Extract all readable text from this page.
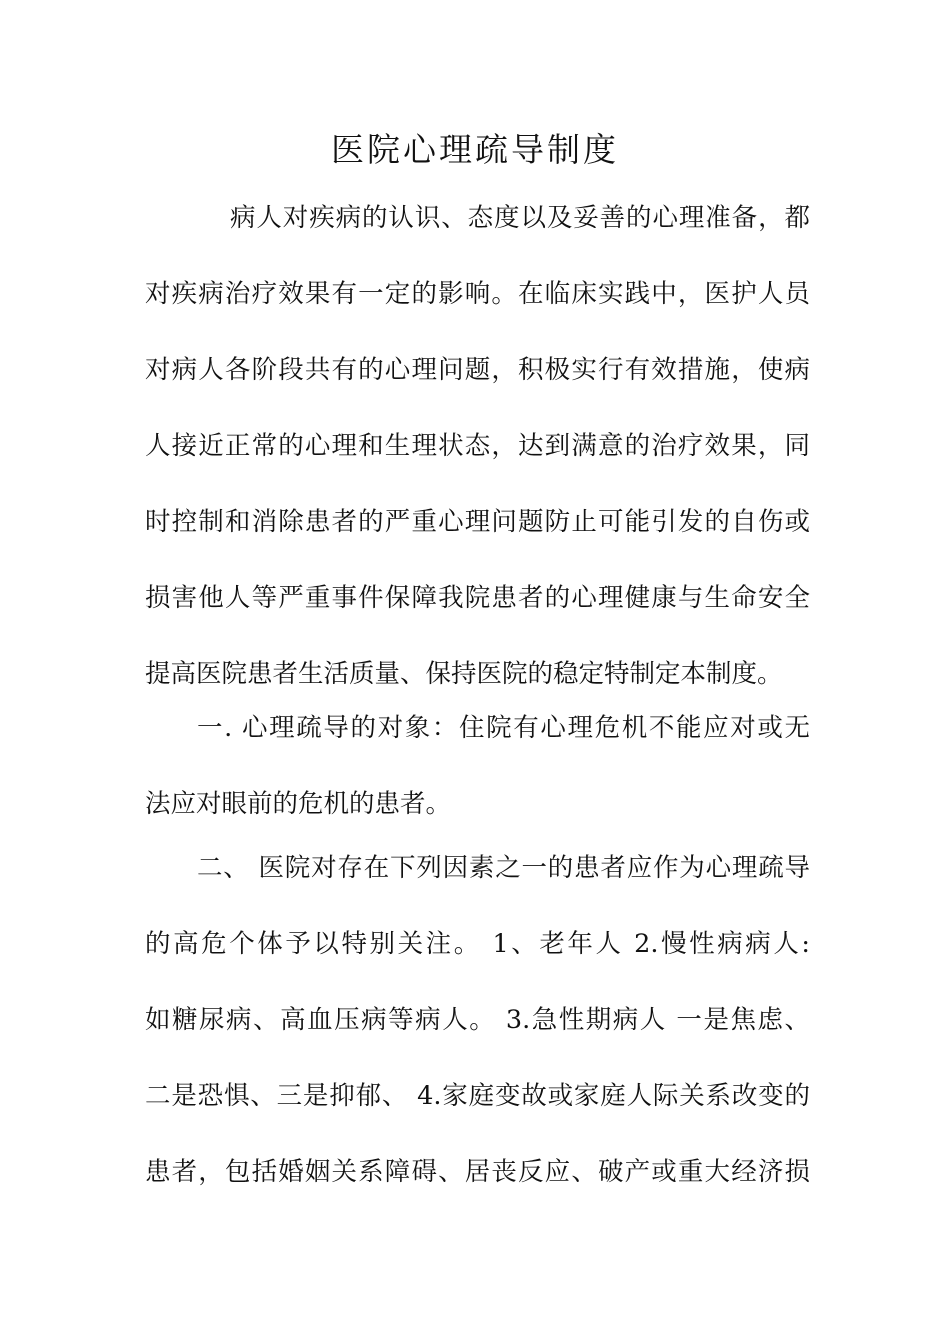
医院心理疏导制度
病人对疾病的认识、态度以及妥善的心理准备，都
对疾病治疗效果有一定的影响。在临床实践中，医护人员
对病人各阶段共有的心理问题，积极实行有效措施，使病
人接近正常的心理和生理状态，达到满意的治疗效果，同
时控制和消除患者的严重心理问题防止可能引发的自伤或
损害他人等严重事件保障我院患者的心理健康与生命安全
提高医院患者生活质量、保持医院的稳定特制定本制度。
一. 心理疏导的对象：住院有心理危机不能应对或无
法应对眼前的危机的患者。
二、 医院对存在下列因素之一的患者应作为心理疏导
的高危个体予以特别关注。 1、老年人 2.慢性病病人:
如糖尿病、高血压病等病人。 3.急性期病人 一是焦虑、
二是恐惧、三是抑郁、 4.家庭变故或家庭人际关系改变的
患者，包括婚姻关系障碍、居丧反应、破产或重大经济损
